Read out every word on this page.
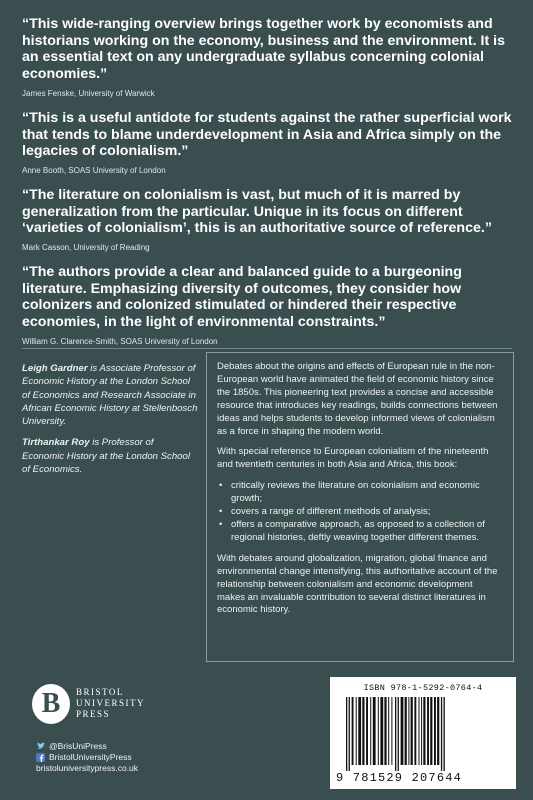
“This wide-ranging overview brings together work by economists and historians working on the economy, business and the environment. It is an essential text on any undergraduate syllabus concerning colonial economies.”

James Fenske, University of Warwick

“This is a useful antidote for students against the rather superficial work that tends to blame underdevelopment in Asia and Africa simply on the legacies of colonialism.”

Anne Booth, SOAS University of London

“The literature on colonialism is vast, but much of it is marred by generalization from the particular. Unique in its focus on different ‘varieties of colonialism’, this is an authoritative source of reference.”

Mark Casson, University of Reading

“The authors provide a clear and balanced guide to a burgeoning literature. Emphasizing diversity of outcomes, they consider how colonizers and colonized stimulated or hindered their respective economies, in the light of environmental constraints.”

William G. Clarence-Smith, SOAS University of London

Leigh Gardner is Associate Professor of Economic History at the London School of Economics and Research Associate in African Economic History at Stellenbosch University.

Tirthankar Roy is Professor of Economic History at the London School of Economics.

Debates about the origins and effects of European rule in the non-European world have animated the field of economic history since the 1850s. This pioneering text provides a concise and accessible resource that introduces key readings, builds connections between ideas and helps students to develop informed views of colonialism as a force in shaping the modern world.

With special reference to European colonialism of the nineteenth and twentieth centuries in both Asia and Africa, this book:

• critically reviews the literature on colonialism and economic growth;
• covers a range of different methods of analysis;
• offers a comparative approach, as opposed to a collection of regional histories, deftly weaving together different themes.

With debates around globalization, migration, global finance and environmental change intensifying, this authoritative account of the relationship between colonialism and economic development makes an invaluable contribution to several distinct literatures in economic history.

B	BRISTOL
UNIVERSITY
PRESS
@BrisUniPress
BristolUniversityPress
bristoluniversitypress.co.uk
ISBN 978-1-5292-0764-4
9 781529 207644
